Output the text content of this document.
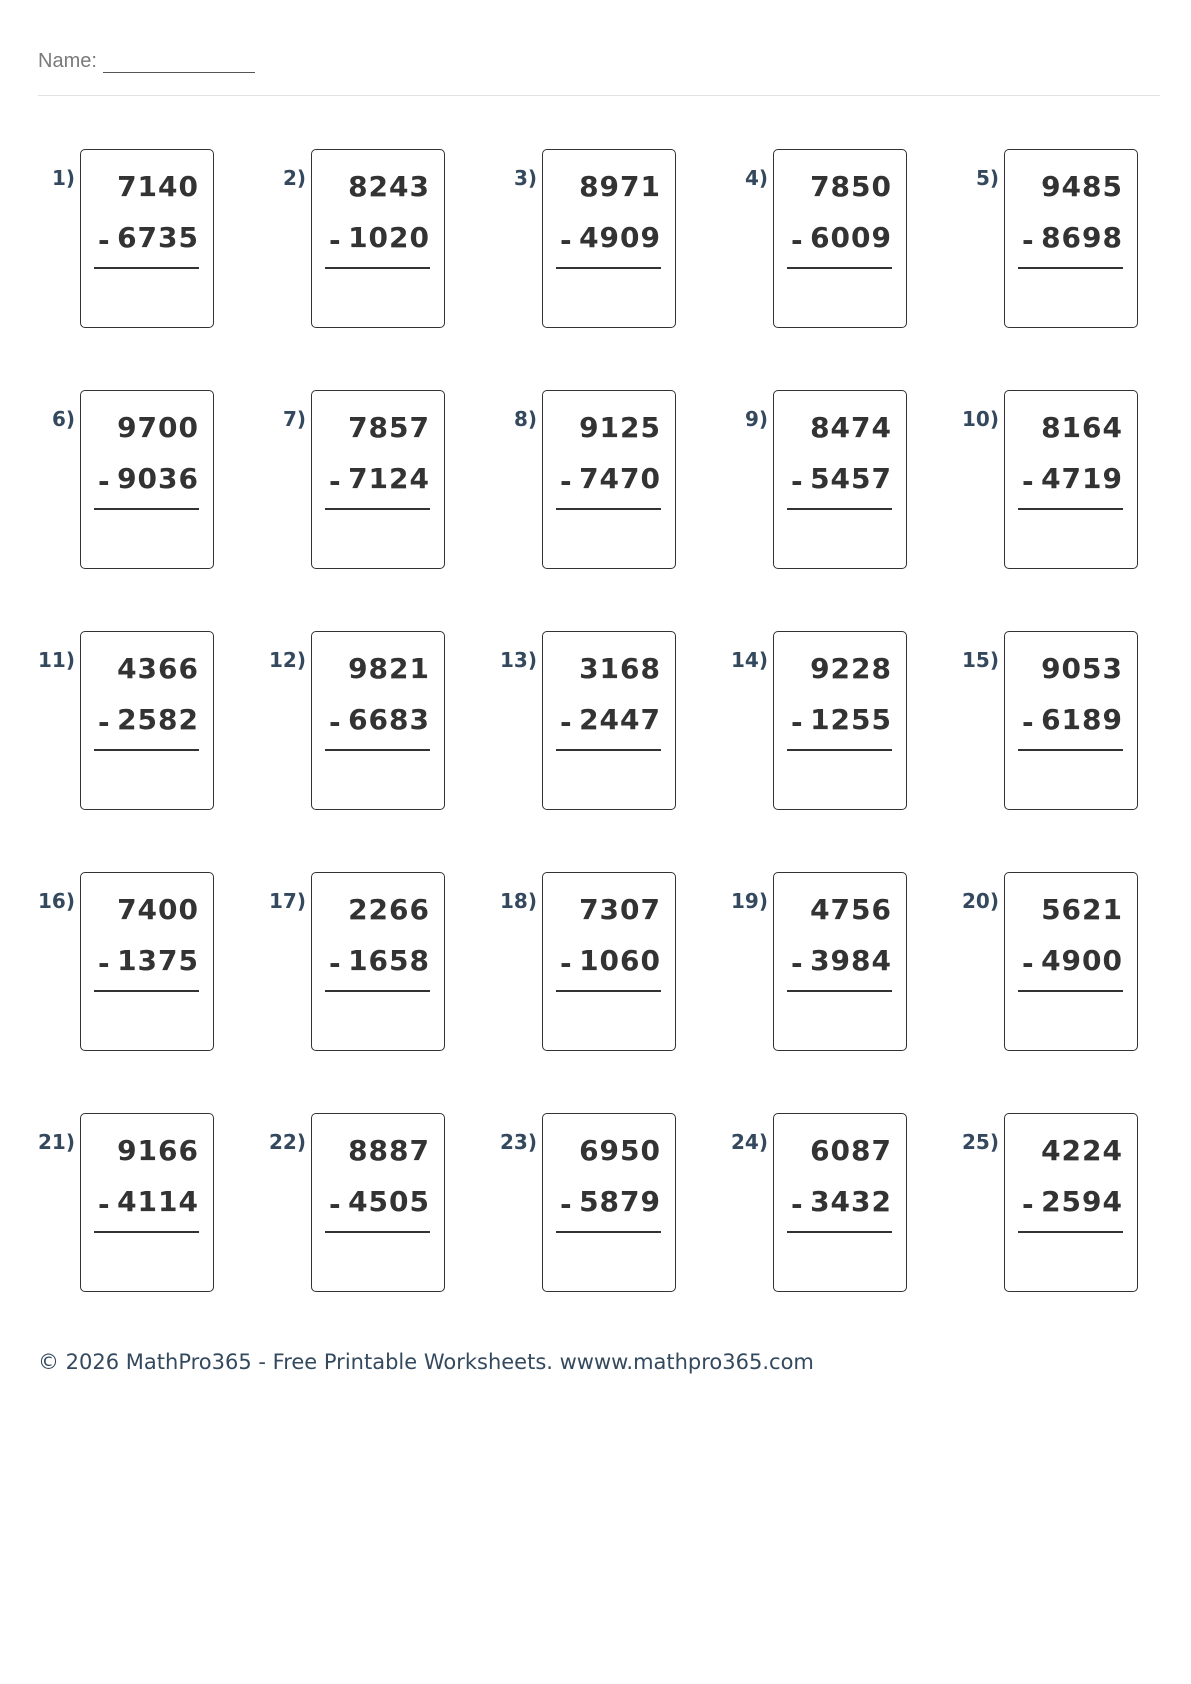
Name:
1) 7140
- 6735
2) 8243
- 1020
3) 8971
- 4909
4) 7850
- 6009
5) 9485
- 8698
6) 9700
- 9036
7) 7857
- 7124
8) 9125
- 7470
9) 8474
- 5457
10) 8164
- 4719
11) 4366
- 2582
12) 9821
- 6683
13) 3168
- 2447
14) 9228
- 1255
15) 9053
- 6189
16) 7400
- 1375
17) 2266
- 1658
18) 7307
- 1060
19) 4756
- 3984
20) 5621
- 4900
21) 9166
- 4114
22) 8887
- 4505
23) 6950
- 5879
24) 6087
- 3432
25) 4224
- 2594
© 2026 MathPro365 - Free Printable Worksheets. wwww.mathpro365.com
